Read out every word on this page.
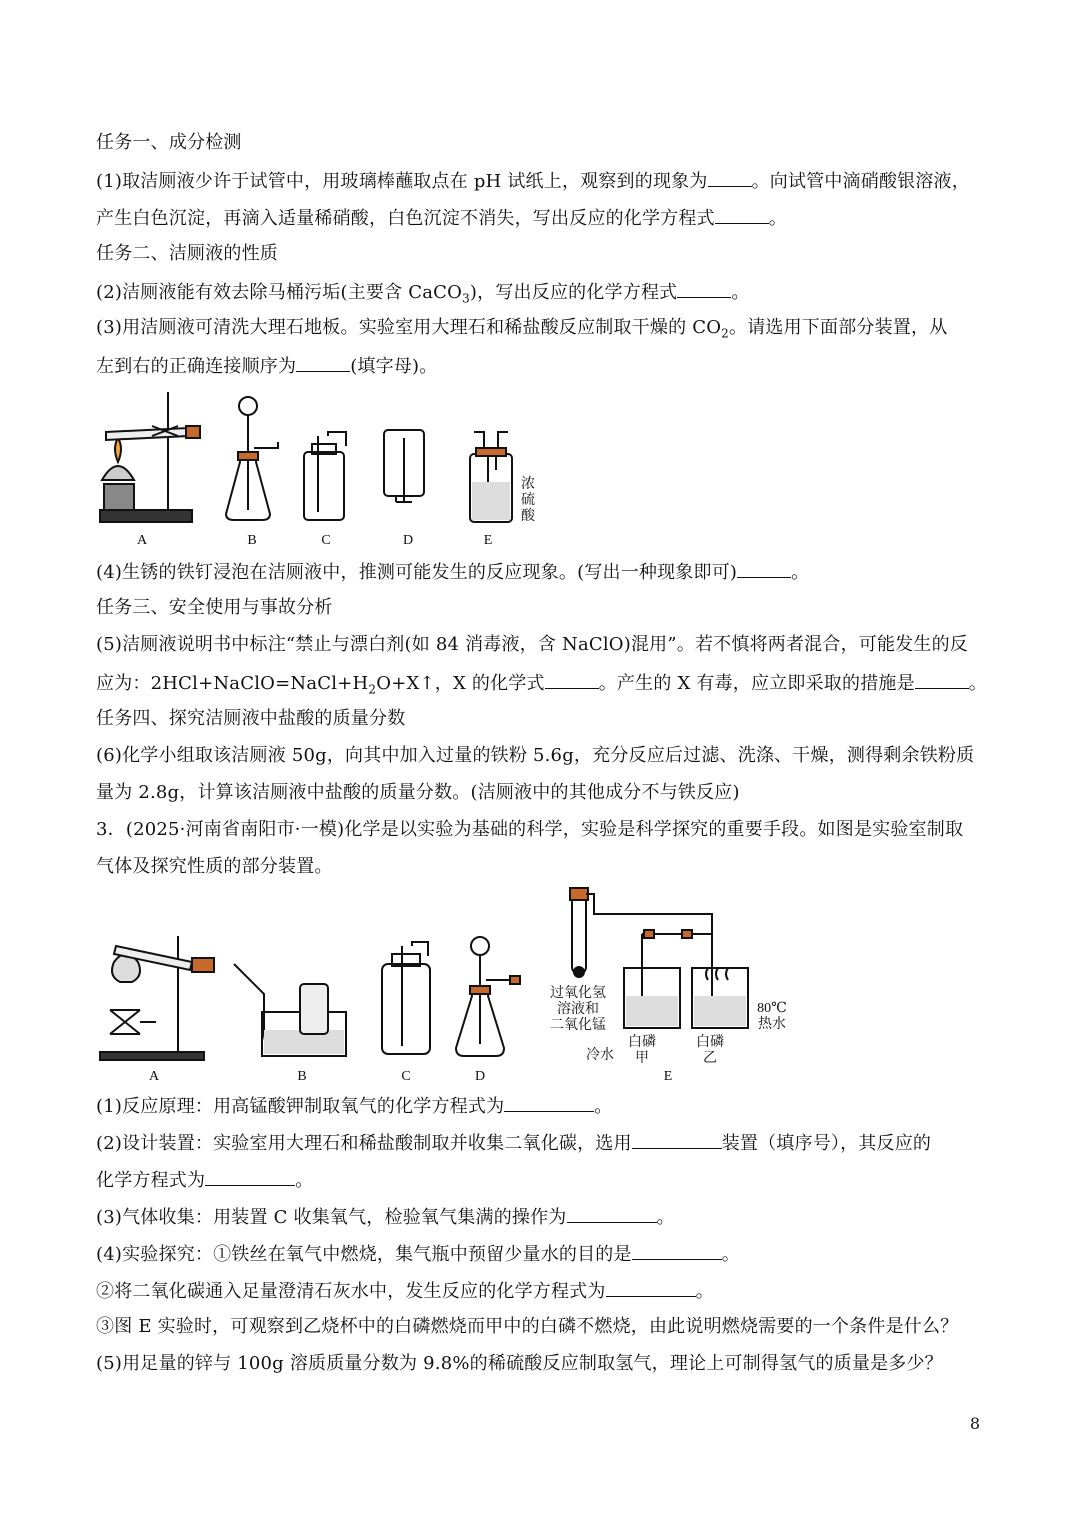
任务一、成分检测
(1)取洁厕液少许于试管中，用玻璃棒蘸取点在 pH 试纸上，观察到的现象为 。向试管中滴硝酸银溶液，
产生白色沉淀，再滴入适量稀硝酸，白色沉淀不消失，写出反应的化学方程式	。
任务二、洁厕液的性质
(2)洁厕液能有效去除马桶污垢(主要含 CaCO$_3$)，写出反应的化学方程式	。
(3)用洁厕液可清洗大理石地板。实验室用大理石和稀盐酸反应制取干燥的 $CO_2$。请选用下面部分装置，从
左到右的正确连接顺序为	(填字母)。
A	B	C	D
浓
硫
酸
E
(4)生锈的铁钉浸泡在洁厕液中，推测可能发生的反应现象。(写出一种现象即可)	。
任务三、安全使用与事故分析
(5)洁厕液说明书中标注“禁止与漂白剂(如 84 消毒液，含 NaClO)混用”。若不慎将两者混合，可能发生的反
应为：$2HCl+NaClO=NaCl+H_2O+X↑$，X 的化学式	。产生的 X 有毒，应立即采取的措施是	。
任务四、探究洁厕液中盐酸的质量分数
(6)化学小组取该洁厕液 50g，向其中加入过量的铁粉 5.6g，充分反应后过滤、洗涤、干燥，测得剩余铁粉质
量为 2.8g，计算该洁厕液中盐酸的质量分数。(洁厕液中的其他成分不与铁反应)
3．(2025·河南省南阳市·一模)化学是以实验为基础的科学，实验是科学探究的重要手段。如图是实验室制取
气体及探究性质的部分装置。
A	B	C	D
过氧化氢
溶液和
二氧化锰
冷水
白磷
甲
白磷
乙
80℃
热水
E
(1)反应原理：用高锰酸钾制取氧气的化学方程式为	。
(2)设计装置：实验室用大理石和稀盐酸制取并收集二氧化碳，选用	装置（填序号），其反应的
化学方程式为	。
(3)气体收集：用装置 C 收集氧气，检验氧气集满的操作为	。
(4)实验探究：①铁丝在氧气中燃烧，集气瓶中预留少量水的目的是	。
②将二氧化碳通入足量澄清石灰水中，发生反应的化学方程式为	。
③图 E 实验时，可观察到乙烧杯中的白磷燃烧而甲中的白磷不燃烧，由此说明燃烧需要的一个条件是什么？
(5)用足量的锌与 100g 溶质质量分数为 9.8%的稀硫酸反应制取氢气，理论上可制得氢气的质量是多少？
8
